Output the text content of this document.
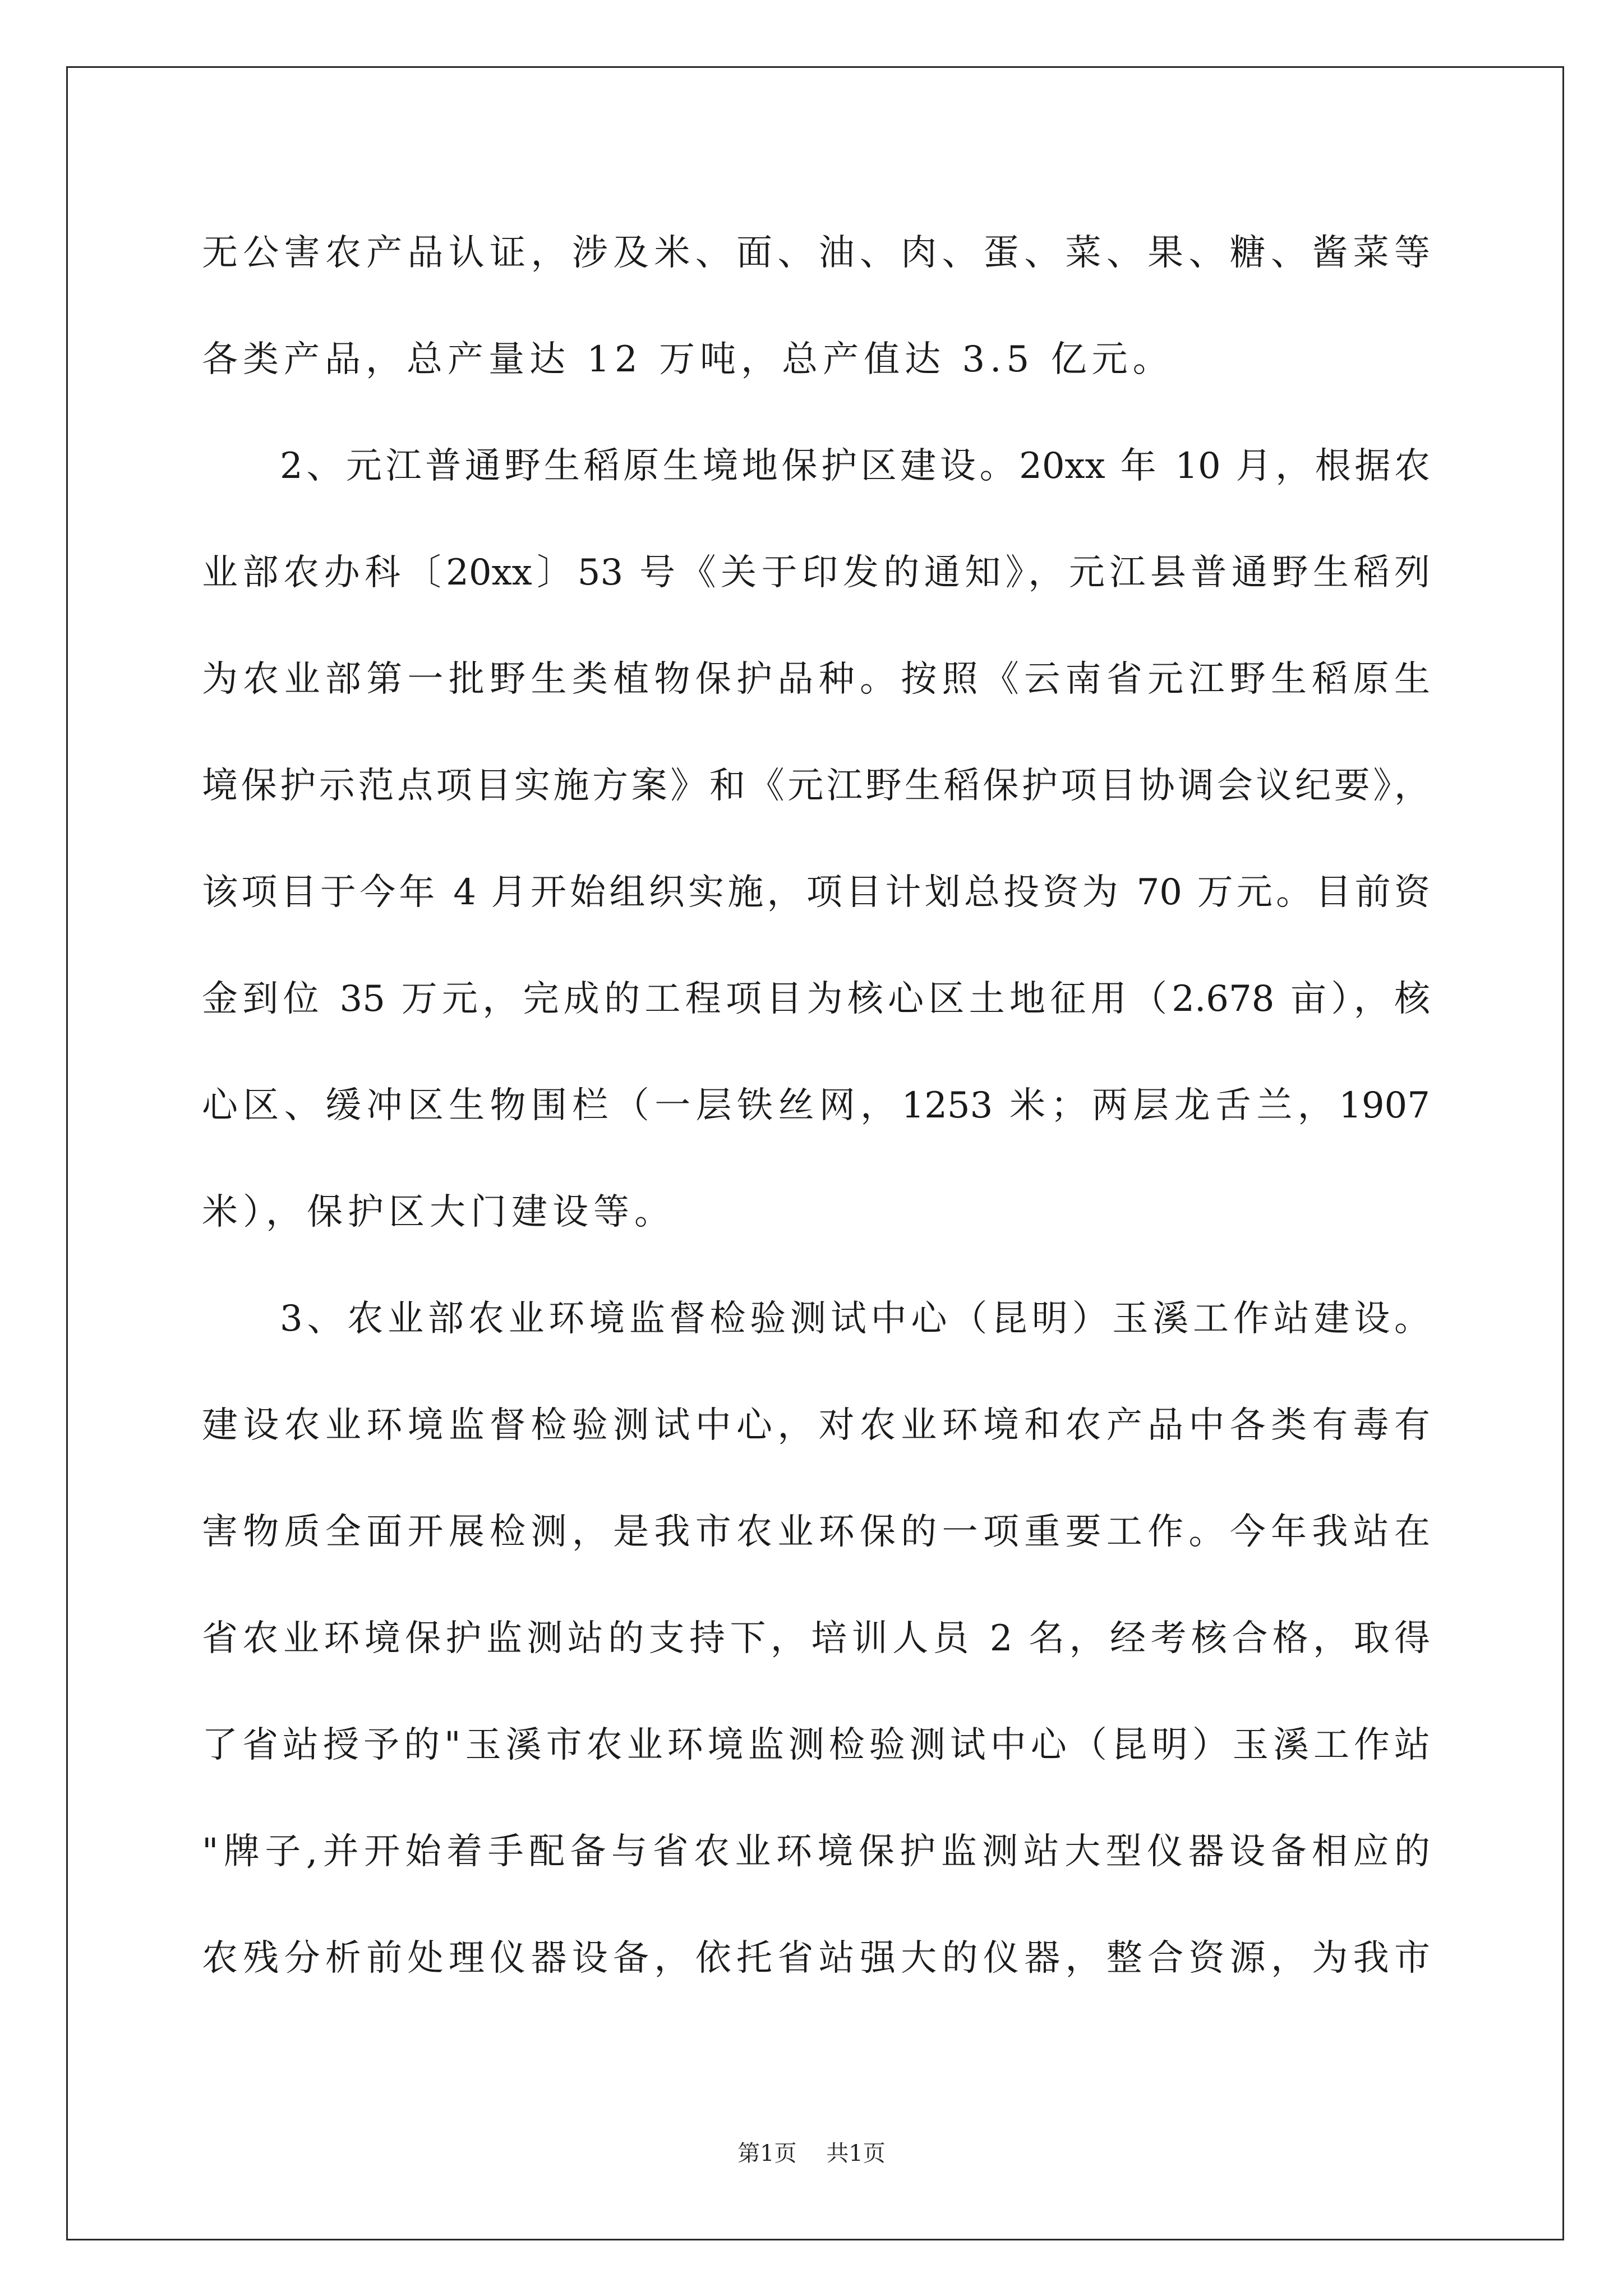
无公害农产品认证，涉及米、面、油、肉、蛋、菜、果、糖、酱菜等
各类产品，总产量达 12 万吨，总产值达 3.5 亿元。
2、元江普通野生稻原生境地保护区建设。20xx 年 10 月，根据农
业部农办科〔20xx〕53 号《关于印发的通知》，元江县普通野生稻列
为农业部第一批野生类植物保护品种。按照《云南省元江野生稻原生
境保护示范点项目实施方案》和《元江野生稻保护项目协调会议纪要》，
该项目于今年 4 月开始组织实施，项目计划总投资为 70 万元。目前资
金到位 35 万元，完成的工程项目为核心区土地征用（2.678 亩），核
心区、缓冲区生物围栏（一层铁丝网，1253 米；两层龙舌兰，1907
米），保护区大门建设等。
3、农业部农业环境监督检验测试中心（昆明）玉溪工作站建设。
建设农业环境监督检验测试中心，对农业环境和农产品中各类有毒有
害物质全面开展检测，是我市农业环保的一项重要工作。今年我站在
省农业环境保护监测站的支持下，培训人员 2 名，经考核合格，取得
了省站授予的"玉溪市农业环境监测检验测试中心（昆明）玉溪工作站
"牌子,并开始着手配备与省农业环境保护监测站大型仪器设备相应的
农残分析前处理仪器设备，依托省站强大的仪器，整合资源，为我市
第1页 共1页
